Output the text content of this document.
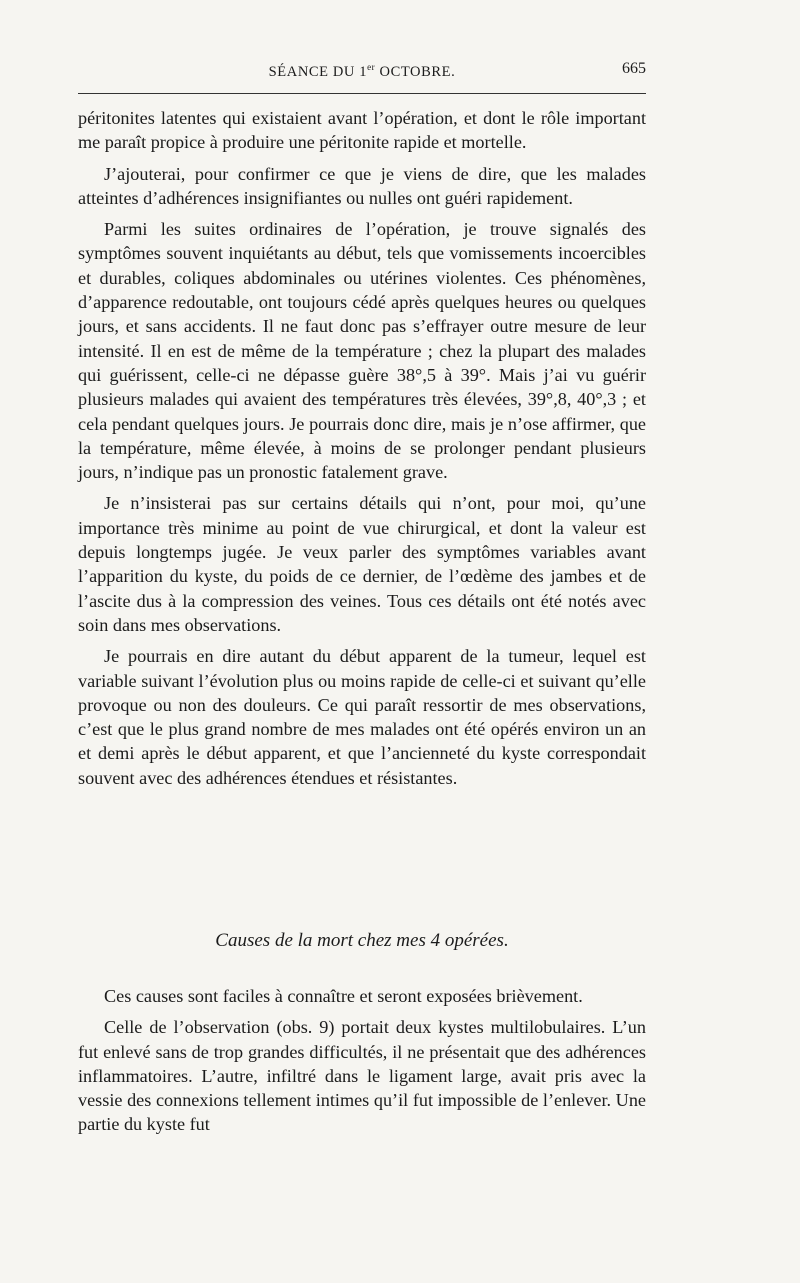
SÉANCE DU 1er OCTOBRE.	665

péritonites latentes qui existaient avant l’opération, et dont le rôle important me paraît propice à produire une péritonite rapide et mortelle.

J’ajouterai, pour confirmer ce que je viens de dire, que les malades atteintes d’adhérences insignifiantes ou nulles ont guéri rapidement.

Parmi les suites ordinaires de l’opération, je trouve signalés des symptômes souvent inquiétants au début, tels que vomissements incoercibles et durables, coliques abdominales ou utérines violentes. Ces phénomènes, d’apparence redoutable, ont toujours cédé après quelques heures ou quelques jours, et sans accidents. Il ne faut donc pas s’effrayer outre mesure de leur intensité. Il en est de même de la température ; chez la plupart des malades qui guérissent, celle-ci ne dépasse guère 38°,5 à 39°. Mais j’ai vu guérir plusieurs malades qui avaient des températures très élevées, 39°,8, 40°,3 ; et cela pendant quelques jours. Je pourrais donc dire, mais je n’ose affirmer, que la température, même élevée, à moins de se prolonger pendant plusieurs jours, n’indique pas un pronostic fatalement grave.

Je n’insisterai pas sur certains détails qui n’ont, pour moi, qu’une importance très minime au point de vue chirurgical, et dont la valeur est depuis longtemps jugée. Je veux parler des symptômes variables avant l’apparition du kyste, du poids de ce dernier, de l’œdème des jambes et de l’ascite dus à la compression des veines. Tous ces détails ont été notés avec soin dans mes observations.

Je pourrais en dire autant du début apparent de la tumeur, lequel est variable suivant l’évolution plus ou moins rapide de celle-ci et suivant qu’elle provoque ou non des douleurs. Ce qui paraît ressortir de mes observations, c’est que le plus grand nombre de mes malades ont été opérés environ un an et demi après le début apparent, et que l’ancienneté du kyste correspondait souvent avec des adhérences étendues et résistantes.

Causes de la mort chez mes 4 opérées.

Ces causes sont faciles à connaître et seront exposées brièvement.

Celle de l’observation (obs. 9) portait deux kystes multilobulaires. L’un fut enlevé sans de trop grandes difficultés, il ne présentait que des adhérences inflammatoires. L’autre, infiltré dans le ligament large, avait pris avec la vessie des connexions tellement intimes qu’il fut impossible de l’enlever. Une partie du kyste fut
